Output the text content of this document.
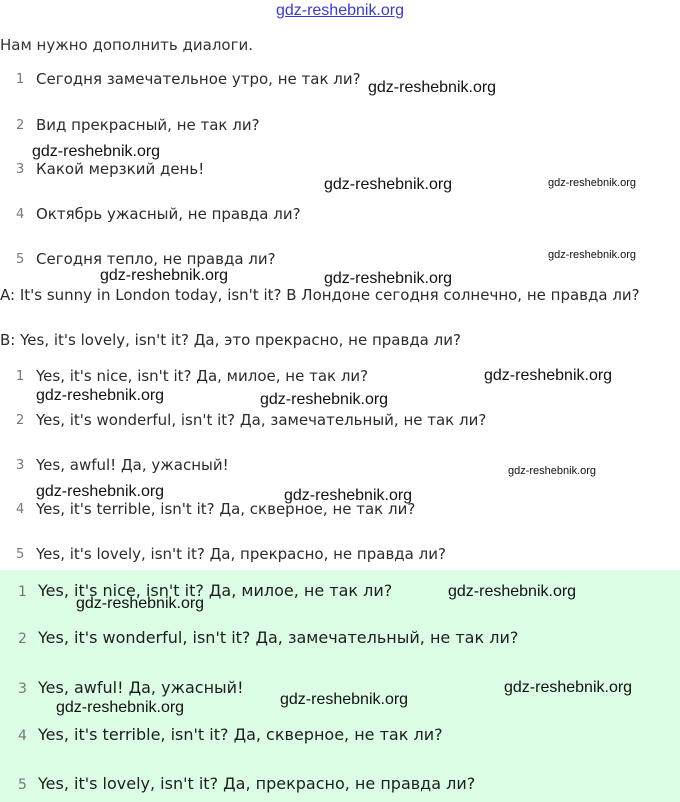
gdz-reshebnik.org
Нам нужно дополнить диалоги.
1 Сегодня замечательное утро, не так ли?
2 Вид прекрасный, не так ли?
3 Какой мерзкий день!
4 Октябрь ужасный, не правда ли?
5 Сегодня тепло, не правда ли?
A: It's sunny in London today, isn't it? В Лондоне сегодня солнечно, не правда ли?
B: Yes, it's lovely, isn't it? Да, это прекрасно, не правда ли?
1 Yes, it's nice, isn't it? Да, милое, не так ли?
2 Yes, it's wonderful, isn't it? Да, замечательный, не так ли?
3 Yes, awful! Да, ужасный!
4 Yes, it's terrible, isn't it? Да, скверное, не так ли?
5 Yes, it's lovely, isn't it? Да, прекрасно, не правда ли?
1 Yes, it's nice, isn't it? Да, милое, не так ли?
2 Yes, it's wonderful, isn't it? Да, замечательный, не так ли?
3 Yes, awful! Да, ужасный!
4 Yes, it's terrible, isn't it? Да, скверное, не так ли?
5 Yes, it's lovely, isn't it? Да, прекрасно, не правда ли?
gdz-reshebnik.org
gdz-reshebnik.org
gdz-reshebnik.org	gdz-reshebnik.org
gdz-reshebnik.org
gdz-reshebnik.org	gdz-reshebnik.org
gdz-reshebnik.org
gdz-reshebnik.org	gdz-reshebnik.org
gdz-reshebnik.org
gdz-reshebnik.org	gdz-reshebnik.org
gdz-reshebnik.org
gdz-reshebnik.org
gdz-reshebnik.org
gdz-reshebnik.org
gdz-reshebnik.org
